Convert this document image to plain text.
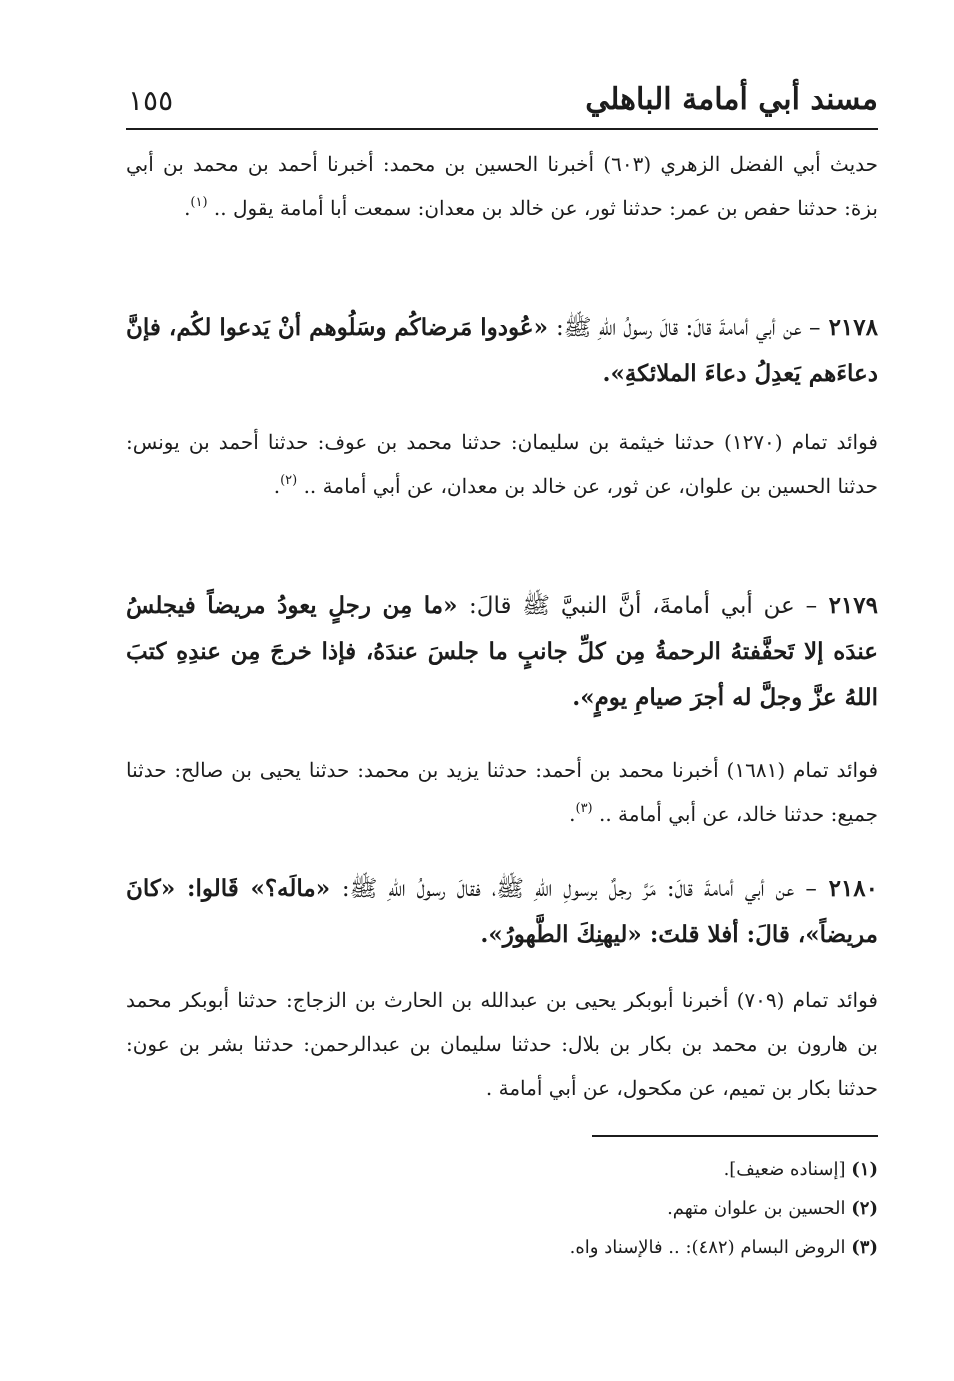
مسند أبي أمامة الباهلي
١٥٥

حديث أبي الفضل الزهري (٦٠٣) أخبرنا الحسين بن محمد: أخبرنا أحمد بن محمد بن أبي بزة: حدثنا حفص بن عمر: حدثنا ثور، عن خالد بن معدان: سمعت أبا أمامة يقول .. $^{(١)}$.

٢١٧٨ – عن أبي أمامةَ قالَ: قالَ رسولُ اللهِ ﷺ: «عُودوا مَرضاكُم وسَلُوهم أنْ يَدعوا لكُم، فإنَّ دعاءَهم يَعدِلُ دعاءَ الملائكةِ».

فوائد تمام (١٢٧٠) حدثنا خيثمة بن سليمان: حدثنا محمد بن عوف: حدثنا أحمد بن يونس: حدثنا الحسين بن علوان، عن ثور، عن خالد بن معدان، عن أبي أمامة .. $^{(٢)}$.

٢١٧٩ – عن أبي أمامةَ، أنَّ النبيَّ ﷺ قالَ: «ما مِن رجلٍ يعودُ مريضاً فيجلسُ عندَه إلا تَحفَّفتهُ الرحمةُ مِن كلِّ جانبٍ ما جلسَ عندَهُ، فإذا خرجَ مِن عندِهِ كتبَ اللهُ عزَّ وجلَّ له أجرَ صيامِ يومٍ».

فوائد تمام (١٦٨١) أخبرنا محمد بن أحمد: حدثنا يزيد بن محمد: حدثنا يحيى بن صالح: حدثنا جميع: حدثنا خالد، عن أبي أمامة .. $^{(٣)}$.

٢١٨٠ – عن أبي أمامةَ قالَ: مَرَّ رجلٌ برسولِ اللهِ ﷺ، فقالَ رسولُ اللهِ ﷺ: «مالَه؟» قَالوا: «كانَ مريضاً»، قالَ: أفلا قلتَ: «ليهنِكَ الطَّهورُ».

فوائد تمام (٧٠٩) أخبرنا أبوبكر يحيى بن عبدالله بن الحارث بن الزجاج: حدثنا أبوبكر محمد بن هارون بن محمد بن بكار بن بلال: حدثنا سليمان بن عبدالرحمن: حدثنا بشر بن عون: حدثنا بكار بن تميم، عن مكحول، عن أبي أمامة .

(١) [إسناده ضعيف].
(٢) الحسين بن علوان متهم.
(٣) الروض البسام (٤٨٢): .. فالإسناد واه.
